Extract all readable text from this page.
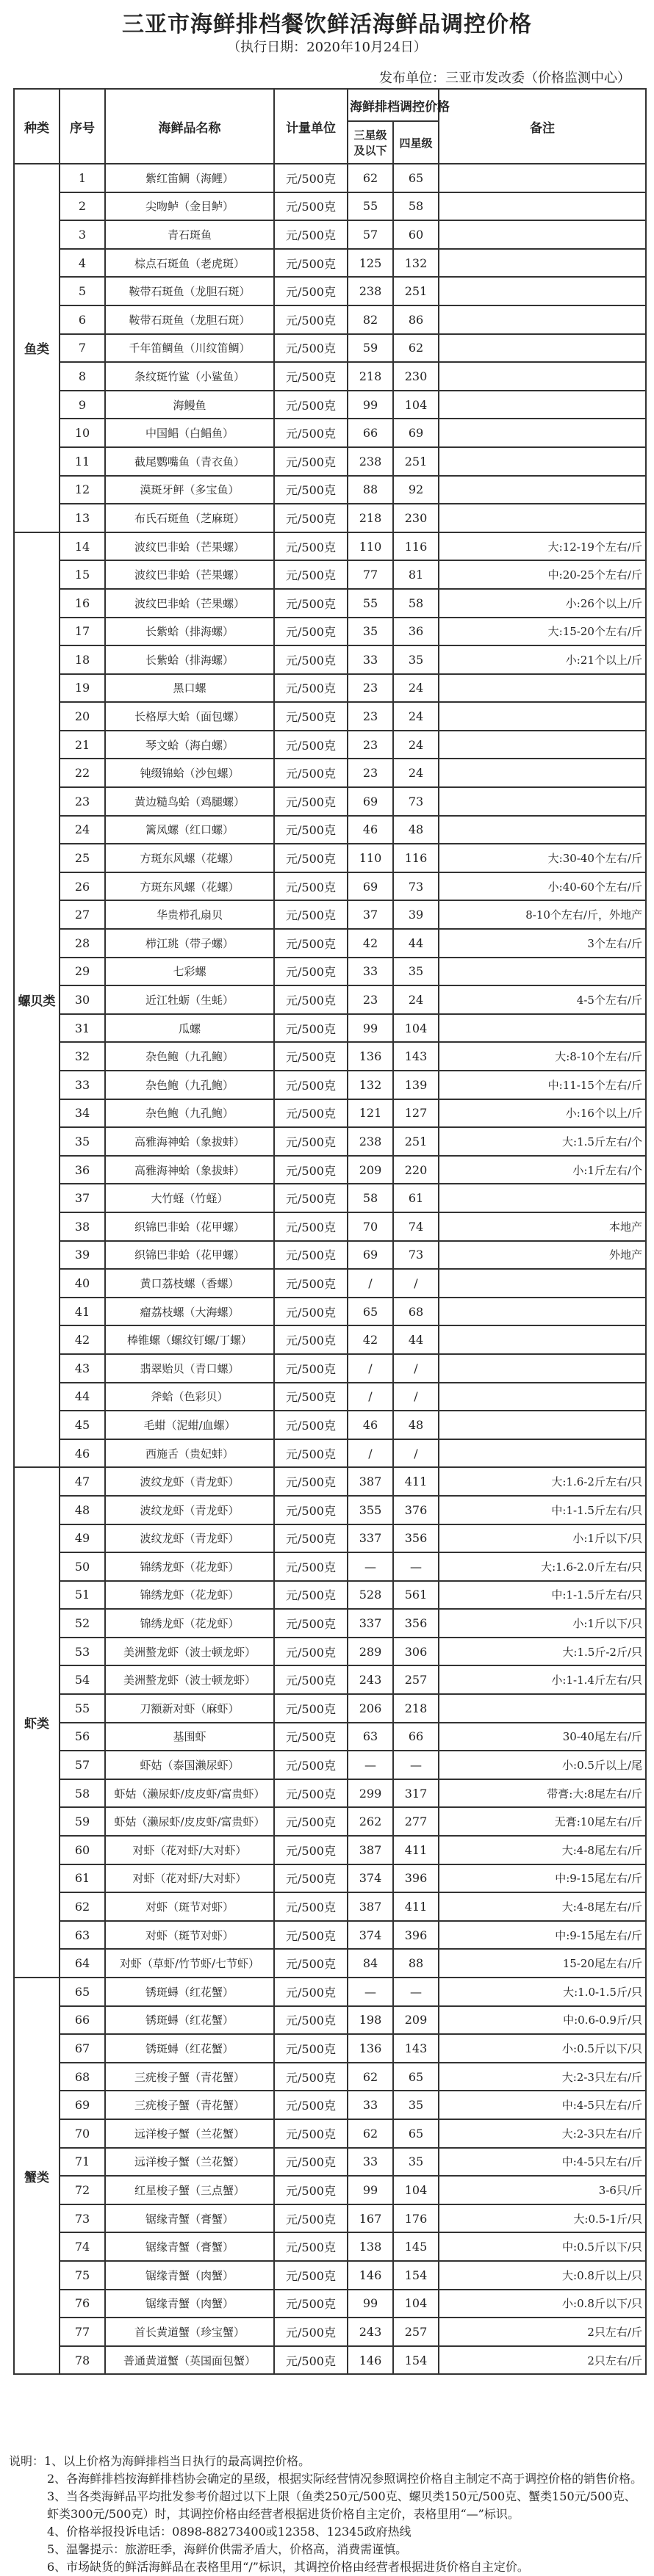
三亚市海鲜排档餐饮鲜活海鲜品调控价格
（执行日期：2020年10月24日）
发布单位：三亚市发改委（价格监测中心）
种类	序号	海鲜品名称	计量单位	海鲜排档调控价格		备注
				三星级及以下	四星级	
鱼类	1	紫红笛鲷（海鲤）	元/500克	62	65	
	2	尖吻鲈（金目鲈）	元/500克	55	58	
	3	青石斑鱼	元/500克	57	60	
	4	棕点石斑鱼（老虎斑）	元/500克	125	132	
	5	鞍带石斑鱼（龙胆石斑）	元/500克	238	251	
	6	鞍带石斑鱼（龙胆石斑）	元/500克	82	86	
	7	千年笛鲷鱼（川纹笛鲷）	元/500克	59	62	
	8	条纹斑竹鲨（小鲨鱼）	元/500克	218	230	
	9	海鳗鱼	元/500克	99	104	
	10	中国鲳（白鲳鱼）	元/500克	66	69	
	11	截尾鹦嘴鱼（青衣鱼）	元/500克	238	251	
	12	漠斑牙鲆（多宝鱼）	元/500克	88	92	
	13	布氏石斑鱼（芝麻斑）	元/500克	218	230	
螺贝类	14	波纹巴非蛤（芒果螺）	元/500克	110	116	大:12-19个左右/斤
	15	波纹巴非蛤（芒果螺）	元/500克	77	81	中:20-25个左右/斤
	16	波纹巴非蛤（芒果螺）	元/500克	55	58	小:26个以上/斤
	17	长紫蛤（排海螺）	元/500克	35	36	大:15-20个左右/斤
	18	长紫蛤（排海螺）	元/500克	33	35	小:21个以上/斤
	19	黑口螺	元/500克	23	24	
	20	长格厚大蛤（面包螺）	元/500克	23	24	
	21	琴文蛤（海白螺）	元/500克	23	24	
	22	钝缀锦蛤（沙包螺）	元/500克	23	24	
	23	黄边糙鸟蛤（鸡腿螺）	元/500克	69	73	
	24	篱凤螺（红口螺）	元/500克	46	48	
	25	方斑东风螺（花螺）	元/500克	110	116	大:30-40个左右/斤
	26	方斑东风螺（花螺）	元/500克	69	73	小:40-60个左右/斤
	27	华贵栉孔扇贝	元/500克	37	39	8-10个左右/斤，外地产
	28	栉江珧（带子螺）	元/500克	42	44	3个左右/斤
	29	七彩螺	元/500克	33	35	
	30	近江牡蛎（生蚝）	元/500克	23	24	4-5个左右/斤
	31	瓜螺	元/500克	99	104	
	32	杂色鲍（九孔鲍）	元/500克	136	143	大:8-10个左右/斤
	33	杂色鲍（九孔鲍）	元/500克	132	139	中:11-15个左右/斤
	34	杂色鲍（九孔鲍）	元/500克	121	127	小:16个以上/斤
	35	高雅海神蛤（象拔蚌）	元/500克	238	251	大:1.5斤左右/个
	36	高雅海神蛤（象拔蚌）	元/500克	209	220	小:1斤左右/个
	37	大竹蛏（竹蛏）	元/500克	58	61	
	38	织锦巴非蛤（花甲螺）	元/500克	70	74	本地产
	39	织锦巴非蛤（花甲螺）	元/500克	69	73	外地产
	40	黄口荔枝螺（香螺）	元/500克	/	/	
	41	瘤荔枝螺（大海螺）	元/500克	65	68	
	42	棒锥螺（螺纹钉螺/丁螺）	元/500克	42	44	
	43	翡翠贻贝（青口螺）	元/500克	/	/	
	44	斧蛤（色彩贝）	元/500克	/	/	
	45	毛蚶（泥蚶/血螺）	元/500克	46	48	
	46	西施舌（贵妃蚌）	元/500克	/	/	
虾类	47	波纹龙虾（青龙虾）	元/500克	387	411	大:1.6-2斤左右/只
	48	波纹龙虾（青龙虾）	元/500克	355	376	中:1-1.5斤左右/只
	49	波纹龙虾（青龙虾）	元/500克	337	356	小:1斤以下/只
	50	锦绣龙虾（花龙虾）	元/500克	—	—	大:1.6-2.0斤左右/只
	51	锦绣龙虾（花龙虾）	元/500克	528	561	中:1-1.5斤左右/只
	52	锦绣龙虾（花龙虾）	元/500克	337	356	小:1斤以下/只
	53	美洲螯龙虾（波士顿龙虾）	元/500克	289	306	大:1.5斤-2斤/只
	54	美洲螯龙虾（波士顿龙虾）	元/500克	243	257	小:1-1.4斤左右/只
	55	刀额新对虾（麻虾）	元/500克	206	218	
	56	基围虾	元/500克	63	66	30-40尾左右/斤
	57	虾姑（泰国濑尿虾）	元/500克	—	—	小:0.5斤以上/尾
	58	虾姑（濑尿虾/皮皮虾/富贵虾）	元/500克	299	317	带膏:大:8尾左右/斤
	59	虾姑（濑尿虾/皮皮虾/富贵虾）	元/500克	262	277	无膏:10尾左右/斤
	60	对虾（花对虾/大对虾）	元/500克	387	411	大:4-8尾左右/斤
	61	对虾（花对虾/大对虾）	元/500克	374	396	中:9-15尾左右/斤
	62	对虾（斑节对虾）	元/500克	387	411	大:4-8尾左右/斤
	63	对虾（斑节对虾）	元/500克	374	396	中:9-15尾左右/斤
	64	对虾（草虾/竹节虾/七节虾）	元/500克	84	88	15-20尾左右/斤
蟹类	65	锈斑蟳（红花蟹）	元/500克	—	—	大:1.0-1.5斤/只
	66	锈斑蟳（红花蟹）	元/500克	198	209	中:0.6-0.9斤/只
	67	锈斑蟳（红花蟹）	元/500克	136	143	小:0.5斤以下/只
	68	三疣梭子蟹（青花蟹）	元/500克	62	65	大:2-3只左右/斤
	69	三疣梭子蟹（青花蟹）	元/500克	33	35	中:4-5只左右/斤
	70	远洋梭子蟹（兰花蟹）	元/500克	62	65	大:2-3只左右/斤
	71	远洋梭子蟹（兰花蟹）	元/500克	33	35	中:4-5只左右/斤
	72	红星梭子蟹（三点蟹）	元/500克	99	104	3-6只/斤
	73	锯缘青蟹（膏蟹）	元/500克	167	176	大:0.5-1斤/只
	74	锯缘青蟹（膏蟹）	元/500克	138	145	中:0.5斤以下/只
	75	锯缘青蟹（肉蟹）	元/500克	146	154	大:0.8斤以上/只
	76	锯缘青蟹（肉蟹）	元/500克	99	104	小:0.8斤以下/只
	77	首长黄道蟹（珍宝蟹）	元/500克	243	257	2只左右/斤
	78	普通黄道蟹（英国面包蟹）	元/500克	146	154	2只左右/斤
说明：1、以上价格为海鲜排档当日执行的最高调控价格。
2、各海鲜排档按海鲜排档协会确定的星级，根据实际经营情况参照调控价格自主制定不高于调控价格的销售价格。
3、当各类海鲜品平均批发参考价超过以下上限（鱼类250元/500克、螺贝类150元/500克、蟹类150元/500克、虾类300元/500克）时，其调控价格由经营者根据进货价格自主定价，表格里用“—”标识。
4、价格举报投诉电话：0898-88273400或12358、12345政府热线
5、温馨提示：旅游旺季，海鲜价供需矛盾大，价格高，消费需谨慎。
6、市场缺货的鲜活海鲜品在表格里用“/”标识，其调控价格由经营者根据进货价格自主定价。
